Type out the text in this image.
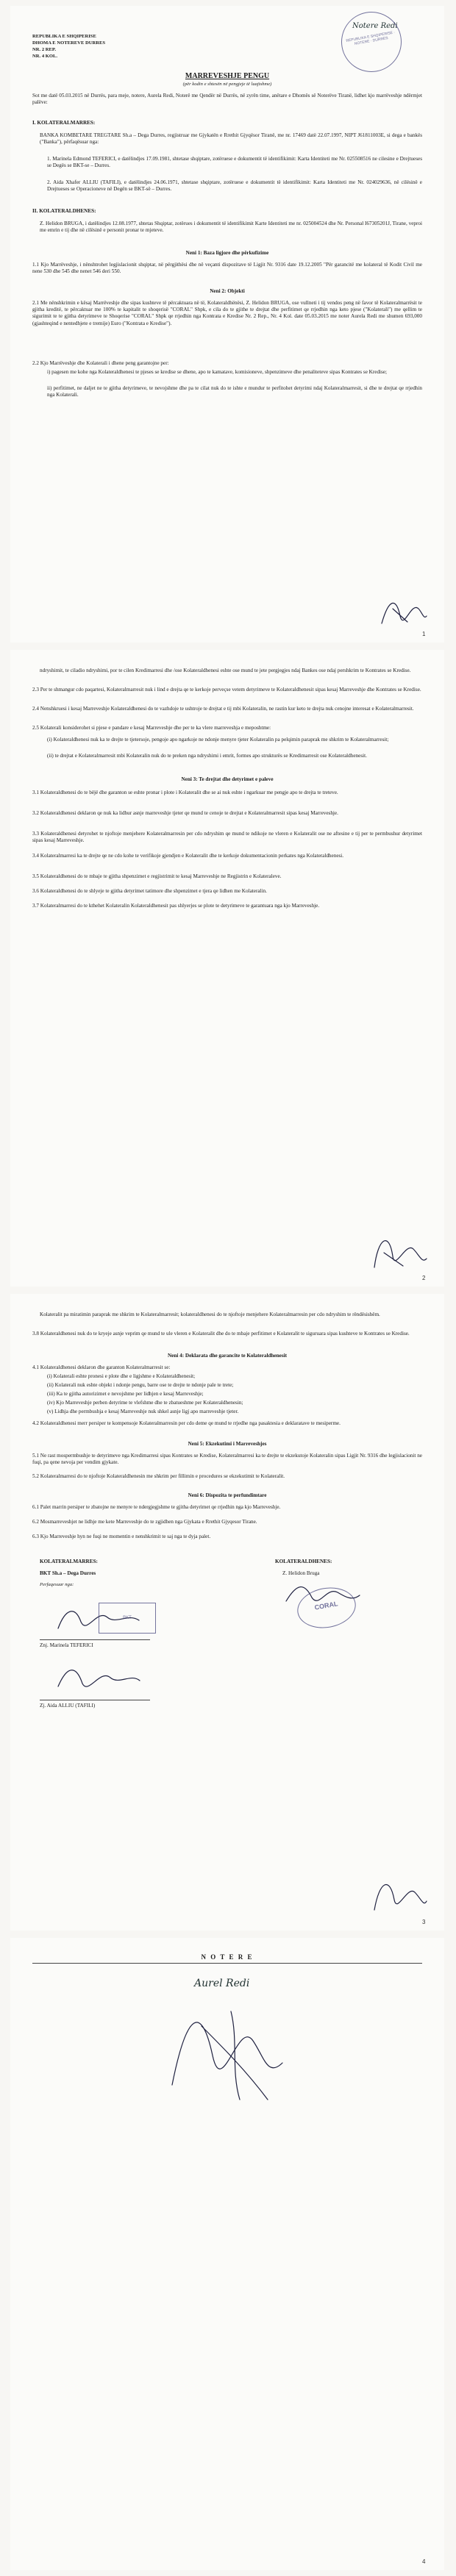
REPUBLIKA E SHQIPERISE
DHOMA E NOTEREVE DURRES
NR. 2 REP.
NR. 4 KOL.
Notere Redi
REPUBLIKA E SHQIPERISE · NOTERE · DURRES
MARREVESHJE PENGU
(për kodin e shtesën në pengjeje të luajtshme)
Sot me datë 05.03.2015 në Durrës, para meje, notere, Aurela Redi, Noterë me Qendër në Durrës, në zyrën time, anëtare e Dhomës së Noterëve Tiranë, lidhet kjo marrëveshje ndërmjet palëve:
I. KOLATERALMARRES:
BANKA KOMBETARE TREGTARE Sh.a – Dega Durres, regjistruar me Gjykatën e Rrethit Gjyqësor Tiranë, me nr. 17469 datë 22.07.1997, NIPT J61811003E, si dega e bankës ("Banka"), përfaqësuar nga:
1. Marinela Edmond TEFERICI, e datëlindjes 17.09.1981, shtetase shqiptare, zotëruese e dokumentit të identifikimit: Karta Identiteti me Nr. 025508516 ne cilesine e Drejtueses se Degës se BKT-se – Durres.
2. Aida Xhafer ALLIU (TAFILI), e datëlindjes 24.06.1971, shtetase shqiptare, zotëruese e dokumentit të identifikimit: Karta Identiteti me Nr. 024029636, në cilësinë e Drejtueses se Operacioneve në Degën se BKT-së – Durres.
II. KOLATERALDHENES:
Z. Helidon BRUGA, i datëlindjes 12.08.1977, shtetas Shqiptar, zotërues i dokumentit të identifikimit Karte Identiteti me nr. 025004524 dhe Nr. Personal I67305201J, Tirane, veproi me emrin e tij dhe në cilësinë e personit pronar te mjeteve.
Neni 1: Baza ligjore dhe përkufizime
1.1 Kjo Marrëveshje, i nënshtrohet legjislacionit shqiptar, në përgjithësi dhe në veçanti dispozitave të Ligjit Nr. 9316 date 19.12.2005 "Për garancitë me kolateral të Kodit Civil me nene 530 dhe 545 dhe nenet 546 deri 550.
Neni 2: Objekti
2.1 Me nënshkrimin e kësaj Marrëveshje dhe sipas kushteve të përcaktuara në të, Kolateraldhënësi, Z. Helidon BRUGA, ose vullneti i tij vendos peng në favor të Kolateralmarrësit te gjitha kreditë, te përcaktuar me 100% te kapitalit te shoqerisë "CORAL" Shpk, e cila do te gjithe te drejtat dhe perfitimet qe rrjedhin nga keto pjese ("Kolaterali") me qellim te sigurimit te te gjitha detyrimeve te Shoqerise "CORAL" Shpk qe rrjedhin nga Kontrata e Kredise Nr. 2 Rep., Nr. 4 Kol. date 05.03.2015 me noter Aurela Redi me shumen 693,000 (gjashteqind e nentedhjete e tremije) Euro ("Kontrata e Kredise").
2.2 Kjo Marrëveshje dhe Kolaterali i dhene peng garantojne per:
i) pagesen me kohe nga Kolateraldhenesi te pjeses se kredise se dhene, apo te kamatave, komisioneve, shpenzimeve dhe penaliteteve sipas Kontrates se Kredise;
ii) perfitimet, ne daljet ne te gjitha detyrimeve, te nevojshme dhe pa te cilat nuk do te ishte e mundur te perfitohet detyrimi ndaj Kolateralmarresit, si dhe te drejtat qe rrjedhin nga Kolaterali.
1
ndryshimit, te ciladio ndryshimi, por te cilen Kredimarresi dhe /ose Kolateraldhenesi eshte ose mund te jete pergjegjes ndaj Bankes ose ndaj pershkrim te Kontrates se Kredise.
2.3 Per te shmangur cdo paqartesi, Kolateralmarresit nuk i lind e drejta qe te kerkoje perveçse vetem detyrimeve te Kolateraldhenesit sipas kesaj Marreveshje dhe Kontrates se Kredise.
2.4 Nenshkruesi i kesaj Marreveshje Kolateraldhenesi do te vazhdoje te ushtroje te drejtat e tij mbi Kolateralin, ne rastin kur keto te drejta nuk cenojne interesat e Kolateralmarresit.
2.5 Kolaterali konsiderohet si pjese e pandare e kesaj Marreveshje dhe per te ka vlere marreveshja e meposhtme:
(i) Kolateraldhenesi nuk ka te drejte te tjetersoje, pengoje apo ngarkoje ne ndonje menyre tjeter Kolateralin pa pelqimin paraprak me shkrim te Kolateralmarresit;
(ii) te drejtat e Kolateralmarresit mbi Kolateralin nuk do te preken nga ndryshimi i emrit, formes apo strukturës se Kredimarresit ose Kolateraldhenesit.
Neni 3: Te drejtat dhe detyrimet e paleve
3.1 Kolateraldhenesi do te bëjë dhe garanton se eshte pronar i plote i Kolateralit dhe se ai nuk eshte i ngarkuar me pengje apo te drejta te treteve.
3.2 Kolateraldhenesi deklaron qe nuk ka lidhur asnje marreveshje tjeter qe mund te cenoje te drejtat e Kolateralmarresit sipas kesaj Marreveshje.
3.3 Kolateraldhenesi detyrohet te njoftoje menjehere Kolateralmarresin per cdo ndryshim qe mund te ndikoje ne vleren e Kolateralit ose ne aftesine e tij per te permbushur detyrimet sipas kesaj Marreveshje.
3.4 Kolateralmarresi ka te drejte qe ne cdo kohe te verifikoje gjendjen e Kolateralit dhe te kerkoje dokumentacionin perkates nga Kolateraldhenesi.
3.5 Kolateraldhenesi do te mbaje te gjitha shpenzimet e regjistrimit te kesaj Marreveshje ne Regjistrin e Kolateraleve.
3.6 Kolateraldhenesi do te shlyeje te gjitha detyrimet tatimore dhe shpenzimet e tjera qe lidhen me Kolateralin.
3.7 Kolateralmarresi do te kthehet Kolateralin Kolateraldhenesit pas shlyerjes se plote te detyrimeve te garantuara nga kjo Marreveshje.
2
Kolateralit pa miratimin paraprak me shkrim te Kolateralmarresit; kolateraldhenesi do te njoftoje menjehere Kolateralmarresin per cdo ndryshim te rëndësishëm.
3.8 Kolateraldhenesi nuk do te kryeje asnje veprim qe mund te ule vleren e Kolateralit dhe do te mbaje perfitimet e Kolateralit te siguruara sipas kushteve te Kontrates se Kredise.
Neni 4: Deklarata dhe garancite te Kolateraldhenesit
4.1 Kolateraldhenesi deklaron dhe garanton Kolateralmarresit se:
(i) Kolaterali eshte pronesi e plote dhe e ligjshme e Kolateraldhenesit;
(ii) Kolaterali nuk eshte objekt i ndonje pengu, barre ose te drejte te ndonje pale te trete;
(iii) Ka te gjitha autorizimet e nevojshme per lidhjen e kesaj Marreveshje;
(iv) Kjo Marreveshje perben detyrime te vlefshme dhe te zbatueshme per Kolateraldhenesin;
(v) Lidhja dhe permbushja e kesaj Marreveshje nuk shkel asnje ligj apo marreveshje tjeter.
4.2 Kolateraldhenesi merr persiper te kompensoje Kolateralmarresin per cdo deme qe mund te rrjedhe nga pasaktesia e deklaratave te mesiperme.
Neni 5: Ekzekutimi i Marreveshjes
5.1 Ne rast mospermbushje te detyrimeve nga Kredimarresi sipas Kontrates se Kredise, Kolateralmarresi ka te drejte te ekzekutoje Kolateralin sipas Ligjit Nr. 9316 dhe legjislacionit ne fuqi, pa qene nevoja per vendim gjykate.
5.2 Kolateralmarresi do te njoftoje Kolateraldhenesin me shkrim per fillimin e procedures se ekzekutimit te Kolateralit.
Neni 6: Dispozita te perfundimtare
6.1 Palet marrin persiper te zbatojne ne menyre te ndergjegjshme te gjitha detyrimet qe rrjedhin nga kjo Marreveshje.
6.2 Mosmarreveshjet ne lidhje me kete Marreveshje do te zgjidhen nga Gjykata e Rrethit Gjyqesor Tirane.
6.3 Kjo Marreveshje hyn ne fuqi ne momentin e nenshkrimit te saj nga te dyja palet.
KOLATERALMARRES:
BKT Sh.a – Dega Durres
Perfaqesuar nga:
KOLATERALDHENES:
Z. Helidon Bruga
CORAL
BKT
Znj. Marinela TEFERICI
Zj. Aida ALLIU (TAFILI)
3
N O T E R E
Aurel Redi
4
